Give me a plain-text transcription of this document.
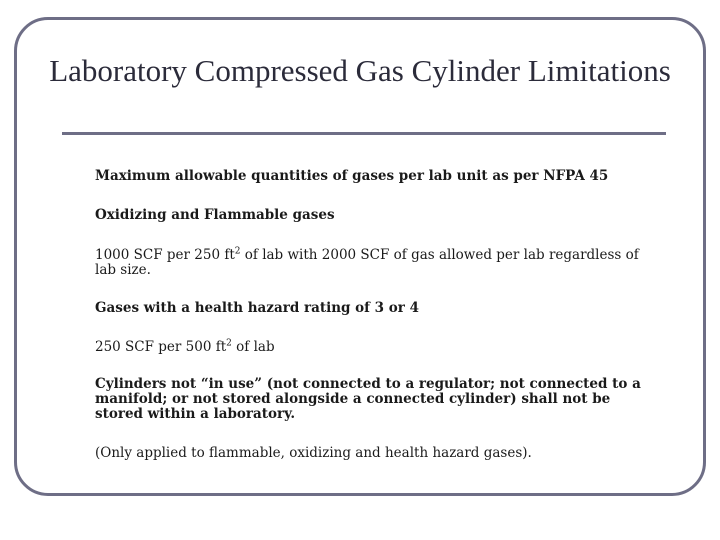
Laboratory Compressed Gas Cylinder Limitations

Maximum allowable quantities of gases per lab unit as per NFPA 45

Oxidizing and Flammable gases

1000 SCF per 250 $ft^2$ of lab with 2000 SCF of gas allowed per lab regardless of lab size.

Gases with a health hazard rating of 3 or 4

250 SCF per 500 $ft^2$ of lab

Cylinders not “in use” (not connected to a regulator; not connected to a manifold; or not stored alongside a connected cylinder) shall not be stored within a laboratory.

(Only applied to flammable, oxidizing and health hazard gases).
